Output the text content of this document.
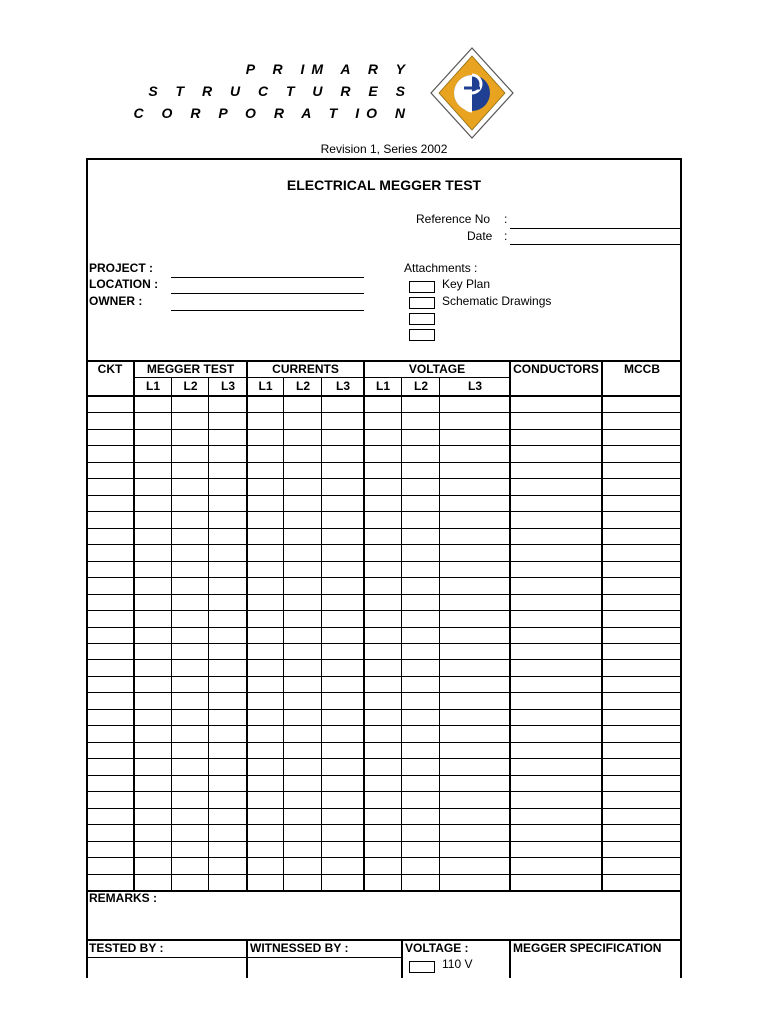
P R IM A R Y
S T R U C T U R E S
C O R P O R A T IO N
Revision 1, Series 2002
ELECTRICAL MEGGER TEST
Reference No :
Date :
PROJECT :
LOCATION :
OWNER :
Attachments :
Key Plan
Schematic Drawings
CKT	MEGGER TEST	CURRENTS	VOLTAGE	CONDUCTORS	MCCB
L1	L2	L3	L1	L2	L3	L1	L2	L3
REMARKS :
TESTED BY :	WITNESSED BY :	VOLTAGE :	MEGGER SPECIFICATION
110 V
